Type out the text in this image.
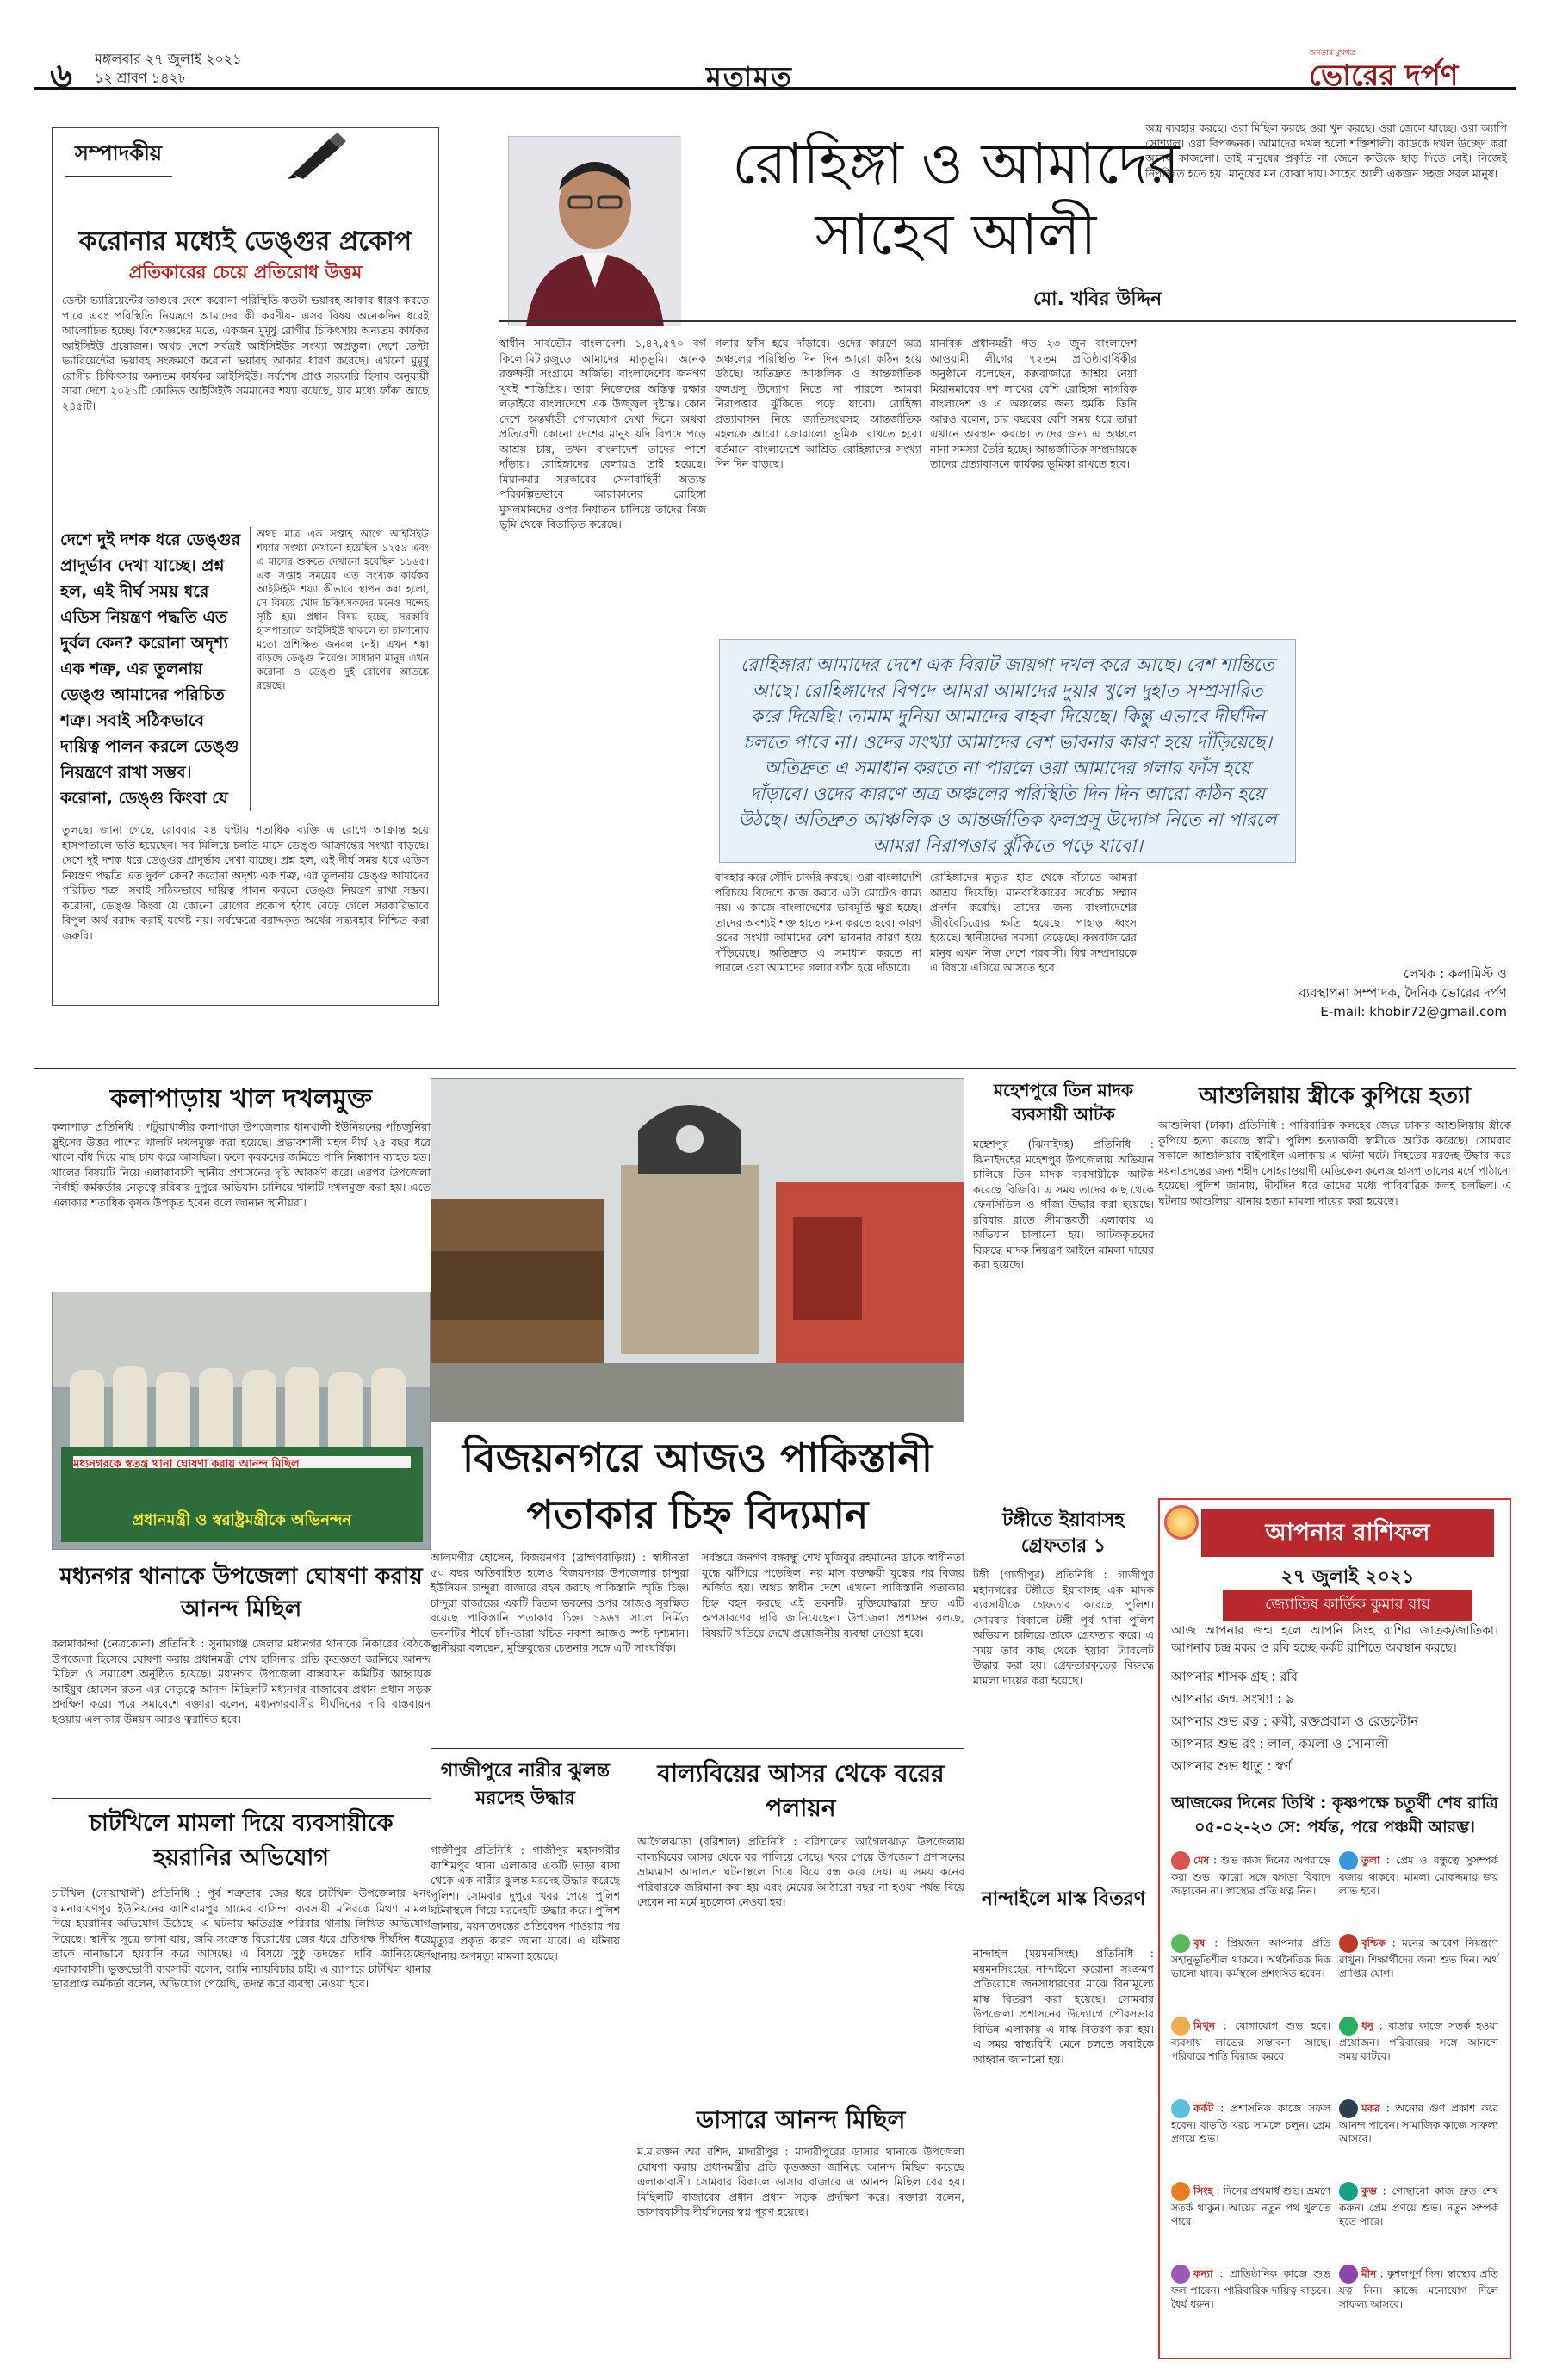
৬ মঙ্গলবার ২৭ জুলাই ২০২১
১২ শ্রাবণ ১৪২৮	মতামত
জনতার মুখপত্র
ভোরের দর্পণ
সম্পাদকীয়
করোনার মধ্যেই ডেঙ্গুর প্রকোপ
প্রতিকারের চেয়ে প্রতিরোধ উত্তম
ডেল্টা ভ্যারিয়েন্টের তাণ্ডবে দেশে করোনা পরিস্থিতি কতটা ভয়াবহ আকার ধারণ করতে পারে এবং পরিস্থিতি নিয়ন্ত্রণে আমাদের কী করণীয়- এসব বিষয় অনেকদিন ধরেই আলোচিত হচ্ছে। বিশেষজ্ঞদের মতে, একজন মুমূর্ষু রোগীর চিকিৎসায় অন্যতম কার্যকর আইসিইউ প্রয়োজন। অথচ দেশে সর্বত্রই আইসিইউর সংখ্যা অপ্রতুল। দেশে ডেল্টা ভ্যারিয়েন্টের ভয়াবহ সংক্রমণে করোনা ভয়াবহ আকার ধারণ করেছে। এখনো মুমূর্ষু রোগীর চিকিৎসায় অন্যতম কার্যকর আইসিইউ। সর্বশেষ প্রাপ্ত সরকারি হিসাব অনুযায়ী সারা দেশে ২০২১টি কোভিড আইসিইউ সমমানের শয্যা রয়েছে, যার মধ্যে ফাঁকা আছে ২৪৫টি।
অথচ মাত্র এক সপ্তাহ আগে আইসিইউ শয্যার সংখ্যা দেখানো হয়েছিল ১২৫৯ এবং এ মাসের শুরুতে দেখানো হয়েছিল ১১৬৫। এক সপ্তাহ সময়ের এত সংখ্যক কার্যকর আইসিইউ শয্যা কীভাবে স্থাপন করা হলো, সে বিষয়ে খোদ চিকিৎসকদের মনেও সন্দেহ সৃষ্টি হয়। প্রধান বিষয় হচ্ছে, সরকারি হাসপাতালে আইসিইউ থাকলে তা চালানোর মতো প্রশিক্ষিত জনবল নেই। এখন শঙ্কা বাড়ছে ডেঙ্গু নিয়েও। সাধারণ মানুষ এখন করোনা ও ডেঙ্গু দুই রোগের আতঙ্কে রয়েছে।
দেশে দুই দশক ধরে ডেঙ্গুর প্রাদুর্ভাব দেখা যাচ্ছে। প্রশ্ন হল, এই দীর্ঘ সময় ধরে এডিস নিয়ন্ত্রণ পদ্ধতি এত দুর্বল কেন? করোনা অদৃশ্য এক শত্রু, এর তুলনায় ডেঙ্গু আমাদের পরিচিত শত্রু। সবাই সঠিকভাবে দায়িত্ব পালন করলে ডেঙ্গু নিয়ন্ত্রণে রাখা সম্ভব। করোনা, ডেঙ্গু কিংবা যে
তুলছে। জানা গেছে, রোববার ২৪ ঘণ্টায় শতাধিক ব্যক্তি এ রোগে আক্রান্ত হয়ে হাসপাতালে ভর্তি হয়েছেন। সব মিলিয়ে চলতি মাসে ডেঙ্গু আক্রান্তের সংখ্যা বাড়ছে। দেশে দুই দশক ধরে ডেঙ্গুর প্রাদুর্ভাব দেখা যাচ্ছে। প্রশ্ন হল, এই দীর্ঘ সময় ধরে এডিস নিয়ন্ত্রণ পদ্ধতি এত দুর্বল কেন? করোনা অদৃশ্য এক শত্রু, এর তুলনায় ডেঙ্গু আমাদের পরিচিত শত্রু। সবাই সঠিকভাবে দায়িত্ব পালন করলে ডেঙ্গু নিয়ন্ত্রণ রাখা সম্ভব। করোনা, ডেঙ্গু কিংবা যে কোনো রোগের প্রকোপ হঠাৎ বেড়ে গেলে সরকারিভাবে বিপুল অর্থ বরাদ্দ করাই যথেষ্ট নয়। সর্বক্ষেত্রে বরাদ্দকৃত অর্থের সদ্ব্যবহার নিশ্চিত করা জরুরি।
রোহিঙ্গা ও আমাদের
সাহেব আলী
মো. খবির উদ্দিন
স্বাধীন সার্বভৌম বাংলাদেশ। ১,৪৭,৫৭০ বর্গ কিলোমিটারজুড়ে আমাদের মাতৃভূমি। অনেক রক্তক্ষয়ী সংগ্রামে অর্জিত। বাংলাদেশের জনগণ খুবই শান্তিপ্রিয়। তারা নিজেদের অস্তিত্ব রক্ষার লড়াইয়ে বাংলাদেশে এক উজ্জ্বল দৃষ্টান্ত। কোন দেশে অন্তর্ঘাতী গোলযোগ দেখা দিলে অথবা প্রতিবেশী কোনো দেশের মানুষ যদি বিপদে পড়ে আশ্রয় চায়, তখন বাংলাদেশ তাদের পাশে দাঁড়ায়। রোহিঙ্গাদের বেলায়ও তাই হয়েছে। মিয়ানমার সরকারের সেনাবাহিনী অত্যন্ত পরিকল্পিতভাবে আরাকানের রোহিঙ্গা মুসলমানদের ওপর নির্যাতন চালিয়ে তাদের নিজ ভূমি থেকে বিতাড়িত করেছে।
গলার ফাঁস হয়ে দাঁড়াবে। ওদের কারণে অত্র অঞ্চলের পরিস্থিতি দিন দিন আরো কঠিন হয়ে উঠছে। অতিদ্রুত আঞ্চলিক ও আন্তর্জাতিক ফলপ্রসূ উদ্যোগ নিতে না পারলে আমরা নিরাপত্তার ঝুঁকিতে পড়ে যাবো। রোহিঙ্গা প্রত্যাবাসন নিয়ে জাতিসংঘসহ আন্তর্জাতিক মহলকে আরো জোরালো ভূমিকা রাখতে হবে। বর্তমানে বাংলাদেশে আশ্রিত রোহিঙ্গাদের সংখ্যা দিন দিন বাড়ছে।
মানবিক প্রধানমন্ত্রী গত ২৩ জুন বাংলাদেশ আওয়ামী লীগের ৭২তম প্রতিষ্ঠাবার্ষিকীর অনুষ্ঠানে বলেছেন, কক্সবাজারে আশ্রয় নেয়া মিয়ানমারের দশ লাখের বেশি রোহিঙ্গা নাগরিক বাংলাদেশ ও এ অঞ্চলের জন্য হুমকি। তিনি আরও বলেন, চার বছরের বেশি সময় ধরে তারা এখানে অবস্থান করছে। তাদের জন্য এ অঞ্চলে নানা সমস্যা তৈরি হচ্ছে। আন্তর্জাতিক সম্প্রদায়কে তাদের প্রত্যাবাসনে কার্যকর ভূমিকা রাখতে হবে।
অস্ত্র ব্যবহার করছে। ওরা মিছিল করছে ওরা খুন করছে। ওরা জেলে যাচ্ছে। ওরা অ্যাপি সোশ্যাল। ওরা বিপজ্জনক। আমাদের দখল হলো শক্তিশালী। কাউকে দখল উচ্ছেদ করা অনেক কাজলো। তাই মানুষের প্রকৃতি না জেনে কাউকে ছাড় দিতে নেই। নিজেই নিপজ্জিত হতে হয়। মানুষের মন বোঝা দায়। সাহেব আলী একজন সহজ সরল মানুষ।
রোহিঙ্গারা আমাদের দেশে এক বিরাট জায়গা দখল করে আছে। বেশ শান্তিতে আছে। রোহিঙ্গাদের বিপদে আমরা আমাদের দুয়ার খুলে দুহাত সম্প্রসারিত করে দিয়েছি। তামাম দুনিয়া আমাদের বাহবা দিয়েছে। কিন্তু এভাবে দীর্ঘদিন চলতে পারে না। ওদের সংখ্যা আমাদের বেশ ভাবনার কারণ হয়ে দাঁড়িয়েছে। অতিদ্রুত এ সমাধান করতে না পারলে ওরা আমাদের গলার ফাঁস হয়ে দাঁড়াবে। ওদের কারণে অত্র অঞ্চলের পরিস্থিতি দিন দিন আরো কঠিন হয়ে উঠছে। অতিদ্রুত আঞ্চলিক ও আন্তর্জাতিক ফলপ্রসূ উদ্যোগ নিতে না পারলে আমরা নিরাপত্তার ঝুঁকিতে পড়ে যাবো।
বাবহার করে সৌদি চাকরি করছে। ওরা বাংলাদেশি পরিচয়ে বিদেশে কাজ করবে এটা মোটেও কাম্য নয়। এ কাজে বাংলাদেশের ভাবমূর্তি ক্ষুণ্ণ হচ্ছে। তাদের অবশ্যই শক্ত হাতে দমন করতে হবে। কারণ ওদের সংখ্যা আমাদের বেশ ভাবনার কারণ হয়ে দাঁড়িয়েছে। অতিদ্রুত এ সমাধান করতে না পারলে ওরা আমাদের গলার ফাঁস হয়ে দাঁড়াবে।
রোহিঙ্গাদের মৃত্যুর হাত থেকে বাঁচাতে আমরা আশ্রয় দিয়েছি। মানবাধিকারের সর্বোচ্চ সম্মান প্রদর্শন করেছি। তাদের জন্য বাংলাদেশের জীববৈচিত্র্যের ক্ষতি হয়েছে। পাহাড় ধ্বংস হয়েছে। স্থানীয়দের সমস্যা বেড়েছে। কক্সবাজারের মানুষ এখন নিজ দেশে পরবাসী। বিশ্ব সম্প্রদায়কে এ বিষয়ে এগিয়ে আসতে হবে।	লেখক : কলামিস্ট ও
ব্যবস্থাপনা সম্পাদক, দৈনিক ভোরের দর্পণ
E-mail: khobir72@gmail.com
কলাপাড়ায় খাল দখলমুক্ত
কলাপাড়া প্রতিনিধি : পটুয়াখালীর কলাপাড়া উপজেলার ধানখালী ইউনিয়নের পাঁচজুনিয়া স্লুইসের উত্তর পাশের খালটি দখলমুক্ত করা হয়েছে। প্রভাবশালী মহল দীর্ঘ ২৫ বছর ধরে খালে বাঁধ দিয়ে মাছ চাষ করে আসছিল। ফলে কৃষকদের জমিতে পানি নিষ্কাশন ব্যাহত হত। খালের বিষয়টি নিয়ে এলাকাবাসী স্থানীয় প্রশাসনের দৃষ্টি আকর্ষণ করে। এরপর উপজেলা নির্বাহী কর্মকর্তার নেতৃত্বে রবিবার দুপুরে অভিযান চালিয়ে খালটি দখলমুক্ত করা হয়। এতে এলাকার শতাধিক কৃষক উপকৃত হবেন বলে জানান স্থানীয়রা।
মধ্যনগরকে স্বতন্ত্র থানা ঘোষণা করায় আনন্দ মিছিল
প্রধানমন্ত্রী ও স্বরাষ্ট্রমন্ত্রীকে অভিনন্দন
মধ্যনগর থানাকে উপজেলা ঘোষণা করায় আনন্দ মিছিল
কলমাকান্দা (নেত্রকোনা) প্রতিনিধি : সুনামগঞ্জ জেলার মধ্যনগর থানাকে নিকারের বৈঠকে উপজেলা হিসেবে ঘোষণা করায় প্রধানমন্ত্রী শেখ হাসিনার প্রতি কৃতজ্ঞতা জানিয়ে আনন্দ মিছিল ও সমাবেশ অনুষ্ঠিত হয়েছে। মধ্যনগর উপজেলা বাস্তবায়ন কমিটির আহ্বায়ক আইয়ুব হোসেন রতন এর নেতৃত্বে আনন্দ মিছিলটি মধ্যনগর বাজারের প্রধান প্রধান সড়ক প্রদক্ষিণ করে। পরে সমাবেশে বক্তারা বলেন, মধ্যনগরবাসীর দীর্ঘদিনের দাবি বাস্তবায়ন হওয়ায় এলাকার উন্নয়ন আরও ত্বরান্বিত হবে।
চাটখিলে মামলা দিয়ে ব্যবসায়ীকে হয়রানির অভিযোগ
চাটখিল (নোয়াখালী) প্রতিনিধি : পূর্ব শত্রুতার জের ধরে চাটখিল উপজেলার ২নং রামনারায়ণপুর ইউনিয়নের কাশিরামপুর গ্রামের বাসিন্দা ব্যবসায়ী মনিরকে মিথ্যা মামলা দিয়ে হয়রানির অভিযোগ উঠেছে। এ ঘটনায় ক্ষতিগ্রস্ত পরিবার থানায় লিখিত অভিযোগ দিয়েছে। স্থানীয় সূত্রে জানা যায়, জমি সংক্রান্ত বিরোধের জের ধরে প্রতিপক্ষ দীর্ঘদিন ধরে তাকে নানাভাবে হয়রানি করে আসছে। এ বিষয়ে সুষ্ঠু তদন্তের দাবি জানিয়েছেন এলাকাবাসী। ভুক্তভোগী ব্যবসায়ী বলেন, আমি ন্যায়বিচার চাই। এ ব্যাপারে চাটখিল থানার ভারপ্রাপ্ত কর্মকর্তা বলেন, অভিযোগ পেয়েছি, তদন্ত করে ব্যবস্থা নেওয়া হবে।
বিজয়নগরে আজও পাকিস্তানী
পতাকার চিহ্ন বিদ্যমান
আলমগীর হোসেন, বিজয়নগর (ব্রাহ্মণবাড়িয়া) : স্বাধীনতা ৫০ বছর অতিবাহিত হলেও বিজয়নগর উপজেলার চান্দুরা ইউনিয়ন চান্দুরা বাজারে বহন করছে পাকিস্তানি স্মৃতি চিহ্ন। চান্দুরা বাজারের একটি দ্বিতল ভবনের ওপর আজও সুরক্ষিত রয়েছে পাকিস্তানি পতাকার চিহ্ন। ১৯৬৭ সালে নির্মিত ভবনটির শীর্ষে চাঁদ-তারা খচিত নকশা আজও স্পষ্ট দৃশ্যমান। স্থানীয়রা বলছেন, মুক্তিযুদ্ধের চেতনার সঙ্গে এটি সাংঘর্ষিক।
সর্বস্তরে জনগণ বঙ্গবন্ধু শেখ মুজিবুর রহমানের ডাকে স্বাধীনতা যুদ্ধে ঝাঁপিয়ে পড়েছিল। নয় মাস রক্তক্ষয়ী যুদ্ধের পর বিজয় অর্জিত হয়। অথচ স্বাধীন দেশে এখনো পাকিস্তানি পতাকার চিহ্ন বহন করছে এই ভবনটি। মুক্তিযোদ্ধারা দ্রুত এটি অপসারণের দাবি জানিয়েছেন। উপজেলা প্রশাসন বলছে, বিষয়টি খতিয়ে দেখে প্রয়োজনীয় ব্যবস্থা নেওয়া হবে।
গাজীপুরে নারীর ঝুলন্ত মরদেহ উদ্ধার
গাজীপুর প্রতিনিধি : গাজীপুর মহানগরীর কাশিমপুর থানা এলাকার একটি ভাড়া বাসা থেকে এক নারীর ঝুলন্ত মরদেহ উদ্ধার করেছে পুলিশ। সোমবার দুপুরে খবর পেয়ে পুলিশ ঘটনাস্থলে গিয়ে মরদেহটি উদ্ধার করে। পুলিশ জানায়, ময়নাতদন্তের প্রতিবেদন পাওয়ার পর মৃত্যুর প্রকৃত কারণ জানা যাবে। এ ঘটনায় থানায় অপমৃত্যু মামলা হয়েছে।
বাল্যবিয়ের আসর থেকে বরের পলায়ন
আগৈলঝাড়া (বরিশাল) প্রতিনিধি : বরিশালের আগৈলঝাড়া উপজেলায় বাল্যবিয়ের আসর থেকে বর পালিয়ে গেছে। খবর পেয়ে উপজেলা প্রশাসনের ভ্রাম্যমাণ আদালত ঘটনাস্থলে গিয়ে বিয়ে বন্ধ করে দেয়। এ সময় কনের পরিবারকে জরিমানা করা হয় এবং মেয়ের আঠারো বছর না হওয়া পর্যন্ত বিয়ে দেবেন না মর্মে মুচলেকা নেওয়া হয়।
ডাসারে আনন্দ মিছিল
ম.ম.রক্তন অর রশিদ, মাদারীপুর : মাদারীপুরের ডাসার থানাকে উপজেলা ঘোষণা করায় প্রধানমন্ত্রীর প্রতি কৃতজ্ঞতা জানিয়ে আনন্দ মিছিল করেছে এলাকাবাসী। সোমবার বিকালে ডাসার বাজারে এ আনন্দ মিছিল বের হয়। মিছিলটি বাজারের প্রধান প্রধান সড়ক প্রদক্ষিণ করে। বক্তারা বলেন, ডাসারবাসীর দীর্ঘদিনের স্বপ্ন পূরণ হয়েছে।
মহেশপুরে তিন মাদক ব্যবসায়ী আটক
মহেশপুর (ঝিনাইদহ) প্রতিনিধি : ঝিনাইদহের মহেশপুর উপজেলায় অভিযান চালিয়ে তিন মাদক ব্যবসায়ীকে আটক করেছে বিজিবি। এ সময় তাদের কাছ থেকে ফেনসিডিল ও গাঁজা উদ্ধার করা হয়েছে। রবিবার রাতে সীমান্তবর্তী এলাকায় এ অভিযান চালানো হয়। আটককৃতদের বিরুদ্ধে মাদক নিয়ন্ত্রণ আইনে মামলা দায়ের করা হয়েছে।
টঙ্গীতে ইয়াবাসহ গ্রেফতার ১
টঙ্গী (গাজীপুর) প্রতিনিধি : গাজীপুর মহানগরের টঙ্গীতে ইয়াবাসহ এক মাদক ব্যবসায়ীকে গ্রেফতার করেছে পুলিশ। সোমবার বিকালে টঙ্গী পূর্ব থানা পুলিশ অভিযান চালিয়ে তাকে গ্রেফতার করে। এ সময় তার কাছ থেকে ইয়াবা ট্যাবলেট উদ্ধার করা হয়। গ্রেফতারকৃতের বিরুদ্ধে মামলা দায়ের করা হয়েছে।
নান্দাইলে মাস্ক বিতরণ
নান্দাইল (ময়মনসিংহ) প্রতিনিধি : ময়মনসিংহের নান্দাইলে করোনা সংক্রমণ প্রতিরোধে জনসাধারণের মাঝে বিনামূল্যে মাস্ক বিতরণ করা হয়েছে। সোমবার উপজেলা প্রশাসনের উদ্যোগে পৌরসভার বিভিন্ন এলাকায় এ মাস্ক বিতরণ করা হয়। এ সময় স্বাস্থ্যবিধি মেনে চলতে সবাইকে আহ্বান জানানো হয়।
আশুলিয়ায় স্ত্রীকে কুপিয়ে হত্যা
আশুলিয়া (ঢাকা) প্রতিনিধি : পারিবারিক কলহের জেরে ঢাকার আশুলিয়ায় স্ত্রীকে কুপিয়ে হত্যা করেছে স্বামী। পুলিশ হত্যাকারী স্বামীকে আটক করেছে। সোমবার সকালে আশুলিয়ার বাইপাইল এলাকায় এ ঘটনা ঘটে। নিহতের মরদেহ উদ্ধার করে ময়নাতদন্তের জন্য শহীদ সোহরাওয়ার্দী মেডিকেল কলেজ হাসপাতালের মর্গে পাঠানো হয়েছে। পুলিশ জানায়, দীর্ঘদিন ধরে তাদের মধ্যে পারিবারিক কলহ চলছিল। এ ঘটনায় আশুলিয়া থানায় হত্যা মামলা দায়ের করা হয়েছে।
আপনার রাশিফল
২৭ জুলাই ২০২১
জ্যোতিষ কার্তিক কুমার রায়
আজ আপনার জন্ম হলে আপনি সিংহ রাশির জাতক/জাতিকা। আপনার চন্দ্র মকর ও রবি হচ্ছে কর্কট রাশিতে অবস্থান করছে।
আপনার শাসক গ্রহ : রবি
আপনার জন্ম সংখ্যা : ৯
আপনার শুভ রত্ন : রুবী, রক্তপ্রবাল ও রেডস্টোন
আপনার শুভ রং : লাল, কমলা ও সোনালী
আপনার শুভ ধাতু : স্বর্ণ
আজকের দিনের তিথি : কৃষ্ণপক্ষে চতুর্থী শেষ রাত্রি ০৫-০২-২৩ সে: পর্যন্ত, পরে পঞ্চমী আরম্ভ।
মেষ : শুভ কাজ দিনের অপরাহ্নে করা শুভ। কারো সঙ্গে ঝগড়া বিবাদে জড়াবেন না। স্বাস্থ্যের প্রতি যত্ন নিন।
তুলা : প্রেম ও বন্ধুত্বে সুসম্পর্ক বজায় থাকবে। মামলা মোকদ্দমায় জয় লাভ হবে।
বৃষ : প্রিয়জন আপনার প্রতি সহানুভূতিশীল থাকবে। অর্থনৈতিক দিক ভালো যাবে। কর্মস্থলে প্রশংসিত হবেন।
বৃশ্চিক : মনের আবেগ নিয়ন্ত্রণে রাখুন। শিক্ষার্থীদের জন্য শুভ দিন। অর্থ প্রাপ্তির যোগ।
মিথুন : যোগাযোগ শুভ হবে। ব্যবসায় লাভের সম্ভাবনা আছে। পরিবারে শান্তি বিরাজ করবে।
ধনু : বাড়ার কাজে সতর্ক হওয়া প্রয়োজন। পরিবারের সঙ্গে আনন্দে সময় কাটবে।
কর্কট : প্রশাসনিক কাজে সফল হবেন। বাড়তি খরচ সামলে চলুন। প্রেম প্রণয়ে শুভ।
মকর : অন্যের গুণ প্রকাশ করে আনন্দ পাবেন। সামাজিক কাজে সাফল্য আসবে।
সিংহ : দিনের প্রথমার্ধ শুভ। ভ্রমণে সতর্ক থাকুন। আয়ের নতুন পথ খুলতে পারে।
কুম্ভ : গোছানো কাজ দ্রুত শেষ করুন। প্রেম প্রণয়ে শুভ। নতুন সম্পর্ক হতে পারে।
কন্যা : প্রাতিষ্ঠানিক কাজে শুভ ফল পাবেন। পারিবারিক দায়িত্ব বাড়বে। ধৈর্য ধরুন।
মীন : কুশলপূর্ণ দিন। স্বাস্থ্যের প্রতি যত্ন নিন। কাজে মনোযোগ দিলে সাফল্য আসবে।
